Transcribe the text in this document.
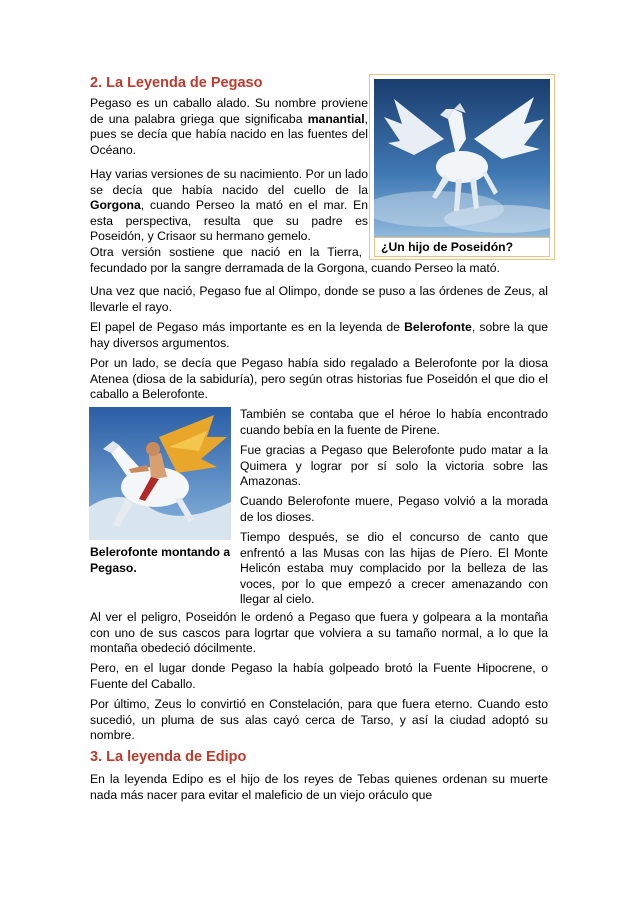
2. La Leyenda de Pegaso

Pegaso es un caballo alado. Su nombre proviene de una palabra griega que significaba manantial, pues se decía que había nacido en las fuentes del Océano.

Hay varias versiones de su nacimiento. Por un lado se decía que había nacido del cuello de la Gorgona, cuando Perseo la mató en el mar. En esta perspectiva, resulta que su padre es Poseidón, y Crisaor su hermano gemelo.

Otra versión sostiene que nació en la Tierra, fecundado por la sangre derramada de la Gorgona, cuando Perseo la mató.

Una vez que nació, Pegaso fue al Olimpo, donde se puso a las órdenes de Zeus, al llevarle el rayo.

El papel de Pegaso más importante es en la leyenda de Belerofonte, sobre la que hay diversos argumentos.

Por un lado, se decía que Pegaso había sido regalado a Belerofonte por la diosa Atenea (diosa de la sabiduría), pero según otras historias fue Poseidón el que dio el caballo a Belerofonte.

También se contaba que el héroe lo había encontrado cuando bebía en la fuente de Pirene.

Fue gracias a Pegaso que Belerofonte pudo matar a la Quimera y lograr por sí solo la victoria sobre las Amazonas.

Cuando Belerofonte muere, Pegaso volvió a la morada de los dioses.

Tiempo después, se dio el concurso de canto que enfrentó a las Musas con las hijas de Píero. El Monte Helicón estaba muy complacido por la belleza de las voces, por lo que empezó a crecer amenazando con llegar al cielo.

Al ver el peligro, Poseidón le ordenó a Pegaso que fuera y golpeara a la montaña con uno de sus cascos para logrtar que volviera a su tamaño normal, a lo que la montaña obedeció dócilmente.

Pero, en el lugar donde Pegaso la había golpeado brotó la Fuente Hipocrene, o Fuente del Caballo.

Por último, Zeus lo convirtió en Constelación, para que fuera eterno. Cuando esto sucedió, un pluma de sus alas cayó cerca de Tarso, y así la ciudad adoptó su nombre.

3. La leyenda de Edipo

En la leyenda Edipo es el hijo de los reyes de Tebas quienes ordenan su muerte nada más nacer para evitar el maleficio de un viejo oráculo que

¿Un hijo de Poseidón?
Belerofonte montando a Pegaso.
